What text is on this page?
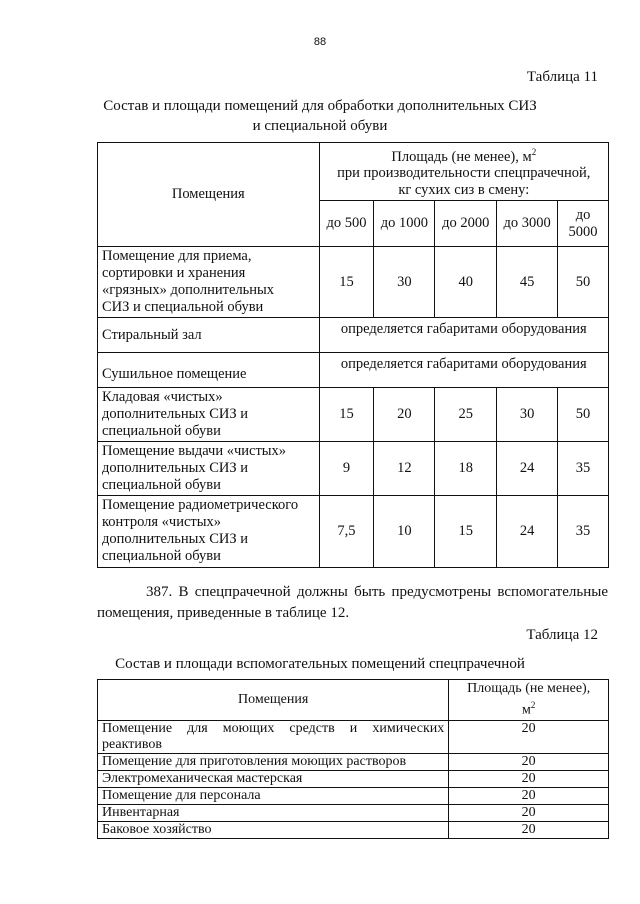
88
Таблица 11
Состав и площади помещений для обработки дополнительных СИЗ
и специальной обуви
Помещения	Площадь (не менее), $м^2$
при производительности спецпрачечной,
кг сухих сиз в смену:				

	до 500	до 1000	до 2000	до 3000	до
5000

Помещение для приема,
сортировки и хранения
«грязных» дополнительных
СИЗ и специальной обуви	15	30	40	45	50

Стиральный зал	определяется габаритами оборудования				

Сушильное помещение	определяется габаритами оборудования				

Кладовая «чистых»
дополнительных СИЗ и
специальной обуви	15	20	25	30	50

Помещение выдачи «чистых»
дополнительных СИЗ и
специальной обуви	9	12	18	24	35

Помещение радиометрического
контроля «чистых»
дополнительных СИЗ и
специальной обуви	7,5	10	15	24	35
387. В спецпрачечной должны быть предусмотрены вспомогательные
помещения, приведенные в таблице 12.
Таблица 12
Состав и площади вспомогательных помещений спецпрачечной
Помещения	Площадь (не менее),
$м^2$

Помещение для моющих средств и химических
реактивов	20
Помещение для приготовления моющих растворов	20
Электромеханическая мастерская	20
Помещение для персонала	20
Инвентарная	20
Баковое хозяйство	20
